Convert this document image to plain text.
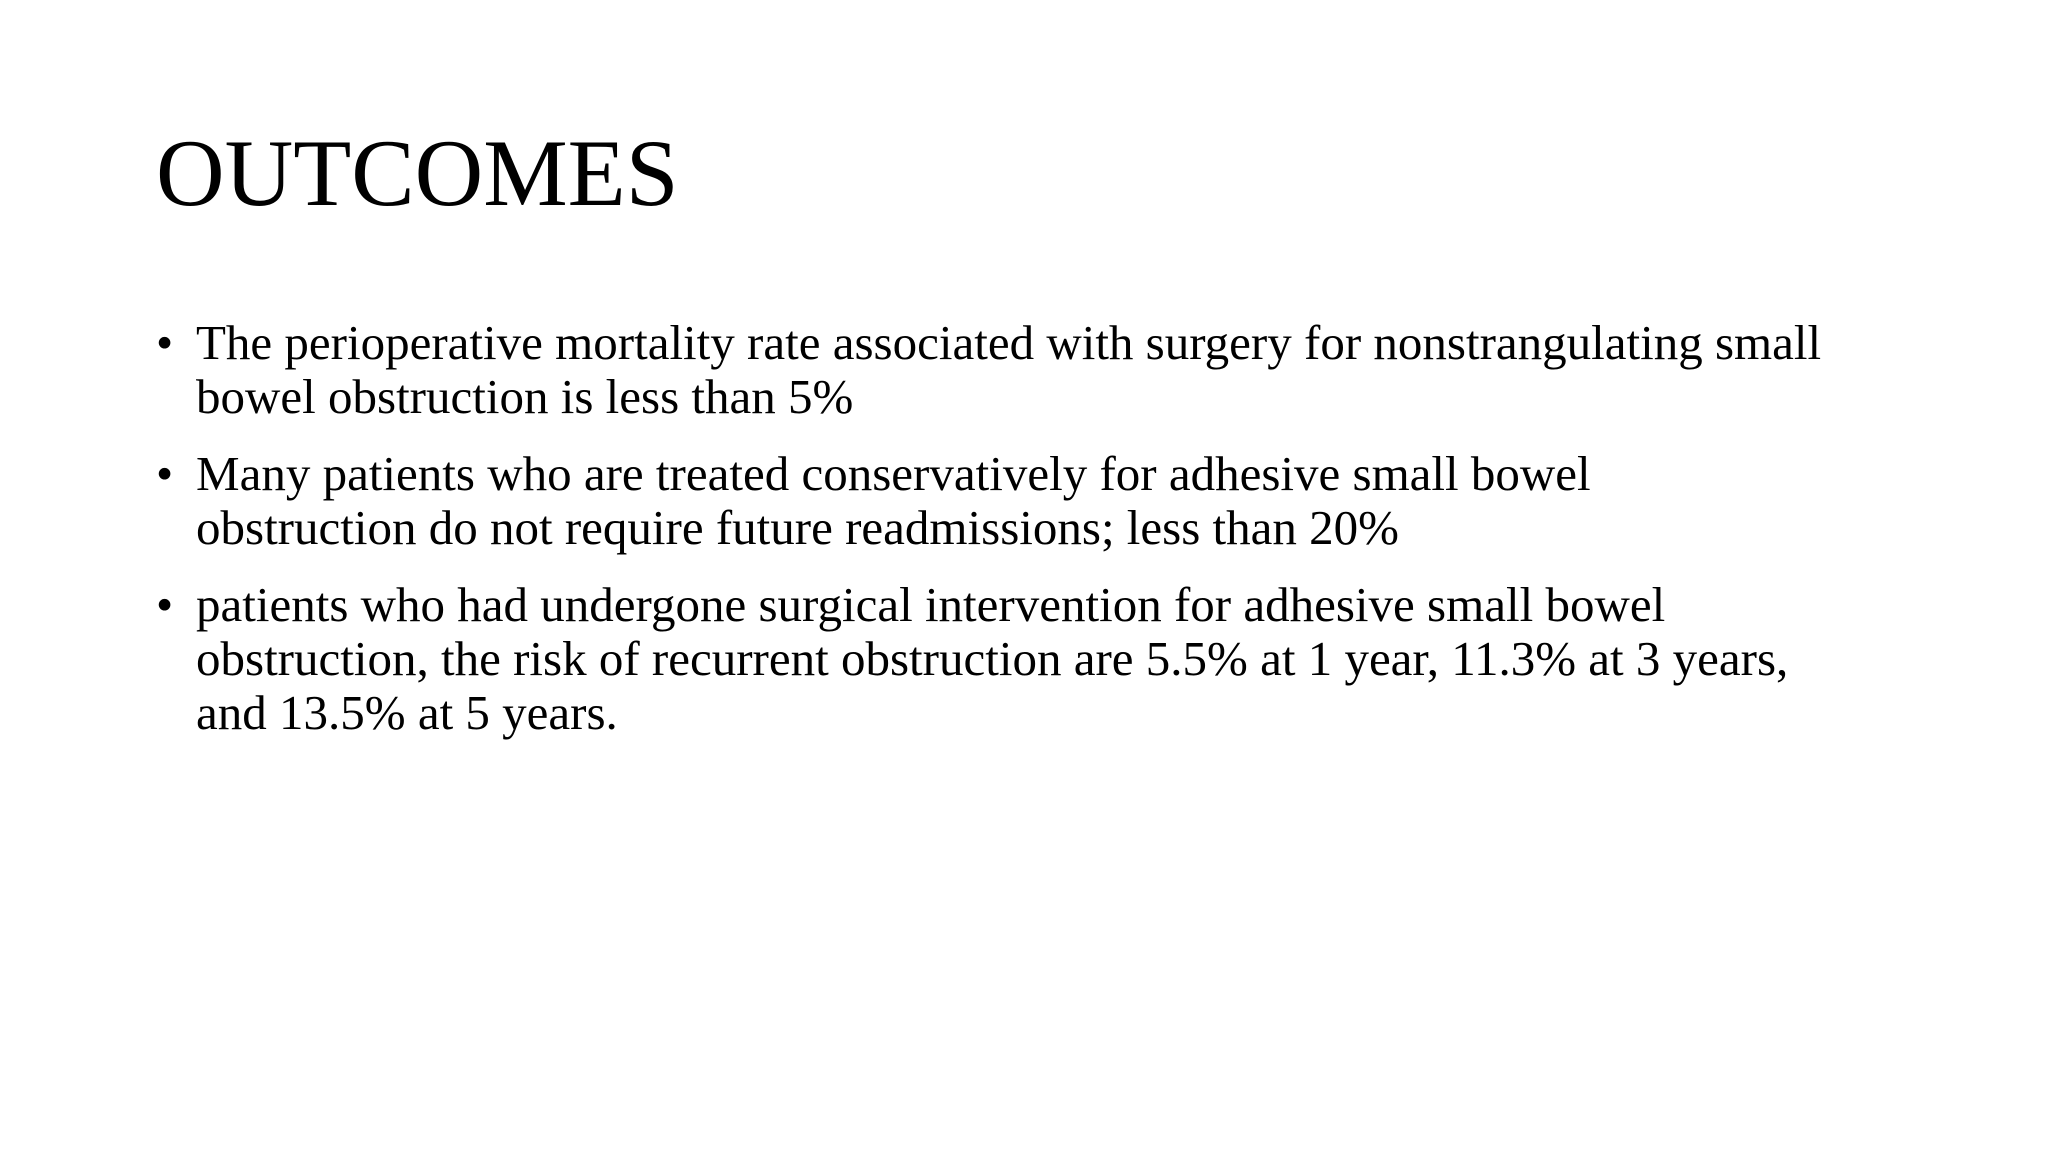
OUTCOMES
• The perioperative mortality rate associated with surgery for nonstrangulating small
bowel obstruction is less than 5%
• Many patients who are treated conservatively for adhesive small bowel
obstruction do not require future readmissions; less than 20%
• patients who had undergone surgical intervention for adhesive small bowel
obstruction, the risk of recurrent obstruction are 5.5% at 1 year, 11.3% at 3 years,
and 13.5% at 5 years.
